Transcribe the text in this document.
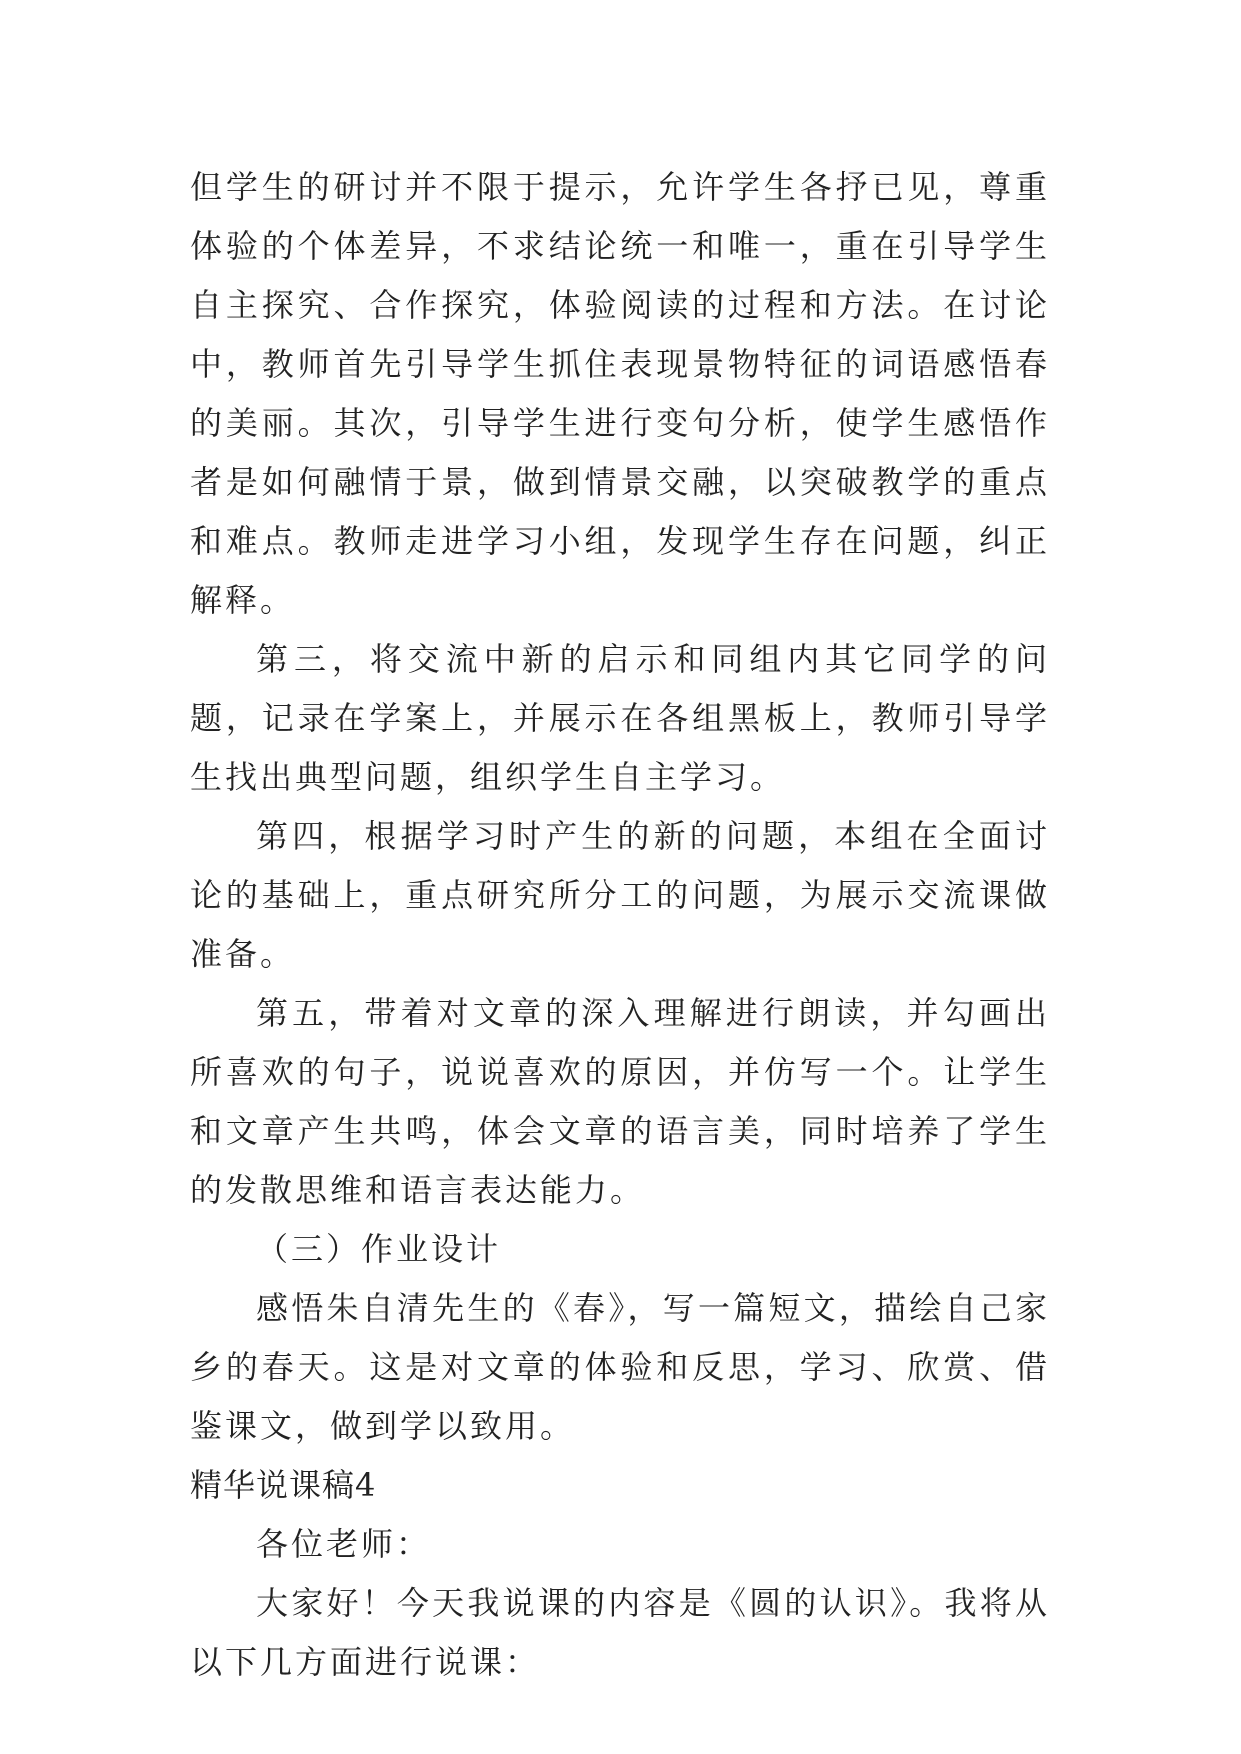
但学生的研讨并不限于提示，允许学生各抒已见，尊重体验的个体差异，不求结论统一和唯一，重在引导学生自主探究、合作探究，体验阅读的过程和方法。在讨论中，教师首先引导学生抓住表现景物特征的词语感悟春的美丽。其次，引导学生进行变句分析，使学生感悟作者是如何融情于景，做到情景交融，以突破教学的重点和难点。教师走进学习小组，发现学生存在问题，纠正解释。

第三，将交流中新的启示和同组内其它同学的问题，记录在学案上，并展示在各组黑板上，教师引导学生找出典型问题，组织学生自主学习。

第四，根据学习时产生的新的问题，本组在全面讨论的基础上，重点研究所分工的问题，为展示交流课做准备。

第五，带着对文章的深入理解进行朗读，并勾画出所喜欢的句子，说说喜欢的原因，并仿写一个。让学生和文章产生共鸣，体会文章的语言美，同时培养了学生的发散思维和语言表达能力。

（三）作业设计

感悟朱自清先生的《春》，写一篇短文，描绘自己家乡的春天。这是对文章的体验和反思，学习、欣赏、借鉴课文，做到学以致用。

精华说课稿4

各位老师：

大家好！今天我说课的内容是《圆的认识》。我将从以下几方面进行说课：
